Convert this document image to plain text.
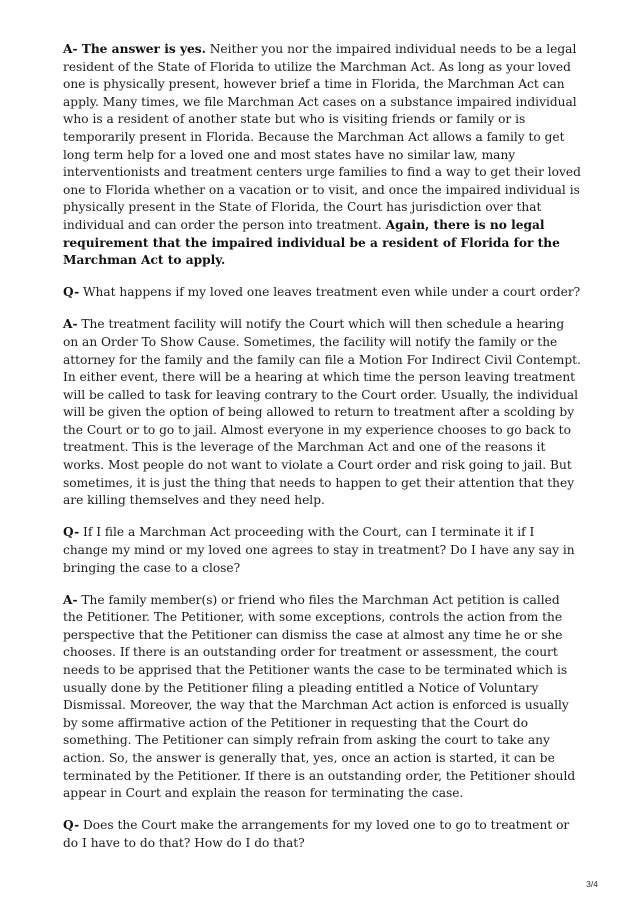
A- The answer is yes. Neither you nor the impaired individual needs to be a legal resident of the State of Florida to utilize the Marchman Act. As long as your loved one is physically present, however brief a time in Florida, the Marchman Act can apply. Many times, we file Marchman Act cases on a substance impaired individual who is a resident of another state but who is visiting friends or family or is temporarily present in Florida. Because the Marchman Act allows a family to get long term help for a loved one and most states have no similar law, many interventionists and treatment centers urge families to find a way to get their loved one to Florida whether on a vacation or to visit, and once the impaired individual is physically present in the State of Florida, the Court has jurisdiction over that individual and can order the person into treatment. Again, there is no legal requirement that the impaired individual be a resident of Florida for the Marchman Act to apply.

Q- What happens if my loved one leaves treatment even while under a court order?

A- The treatment facility will notify the Court which will then schedule a hearing on an Order To Show Cause. Sometimes, the facility will notify the family or the attorney for the family and the family can file a Motion For Indirect Civil Contempt. In either event, there will be a hearing at which time the person leaving treatment will be called to task for leaving contrary to the Court order. Usually, the individual will be given the option of being allowed to return to treatment after a scolding by the Court or to go to jail. Almost everyone in my experience chooses to go back to treatment. This is the leverage of the Marchman Act and one of the reasons it works. Most people do not want to violate a Court order and risk going to jail. But sometimes, it is just the thing that needs to happen to get their attention that they are killing themselves and they need help.

Q- If I file a Marchman Act proceeding with the Court, can I terminate it if I change my mind or my loved one agrees to stay in treatment? Do I have any say in bringing the case to a close?

A- The family member(s) or friend who files the Marchman Act petition is called the Petitioner. The Petitioner, with some exceptions, controls the action from the perspective that the Petitioner can dismiss the case at almost any time he or she chooses. If there is an outstanding order for treatment or assessment, the court needs to be apprised that the Petitioner wants the case to be terminated which is usually done by the Petitioner filing a pleading entitled a Notice of Voluntary Dismissal. Moreover, the way that the Marchman Act action is enforced is usually by some affirmative action of the Petitioner in requesting that the Court do something. The Petitioner can simply refrain from asking the court to take any action. So, the answer is generally that, yes, once an action is started, it can be terminated by the Petitioner. If there is an outstanding order, the Petitioner should appear in Court and explain the reason for terminating the case.

Q- Does the Court make the arrangements for my loved one to go to treatment or do I have to do that? How do I do that?

3/4
